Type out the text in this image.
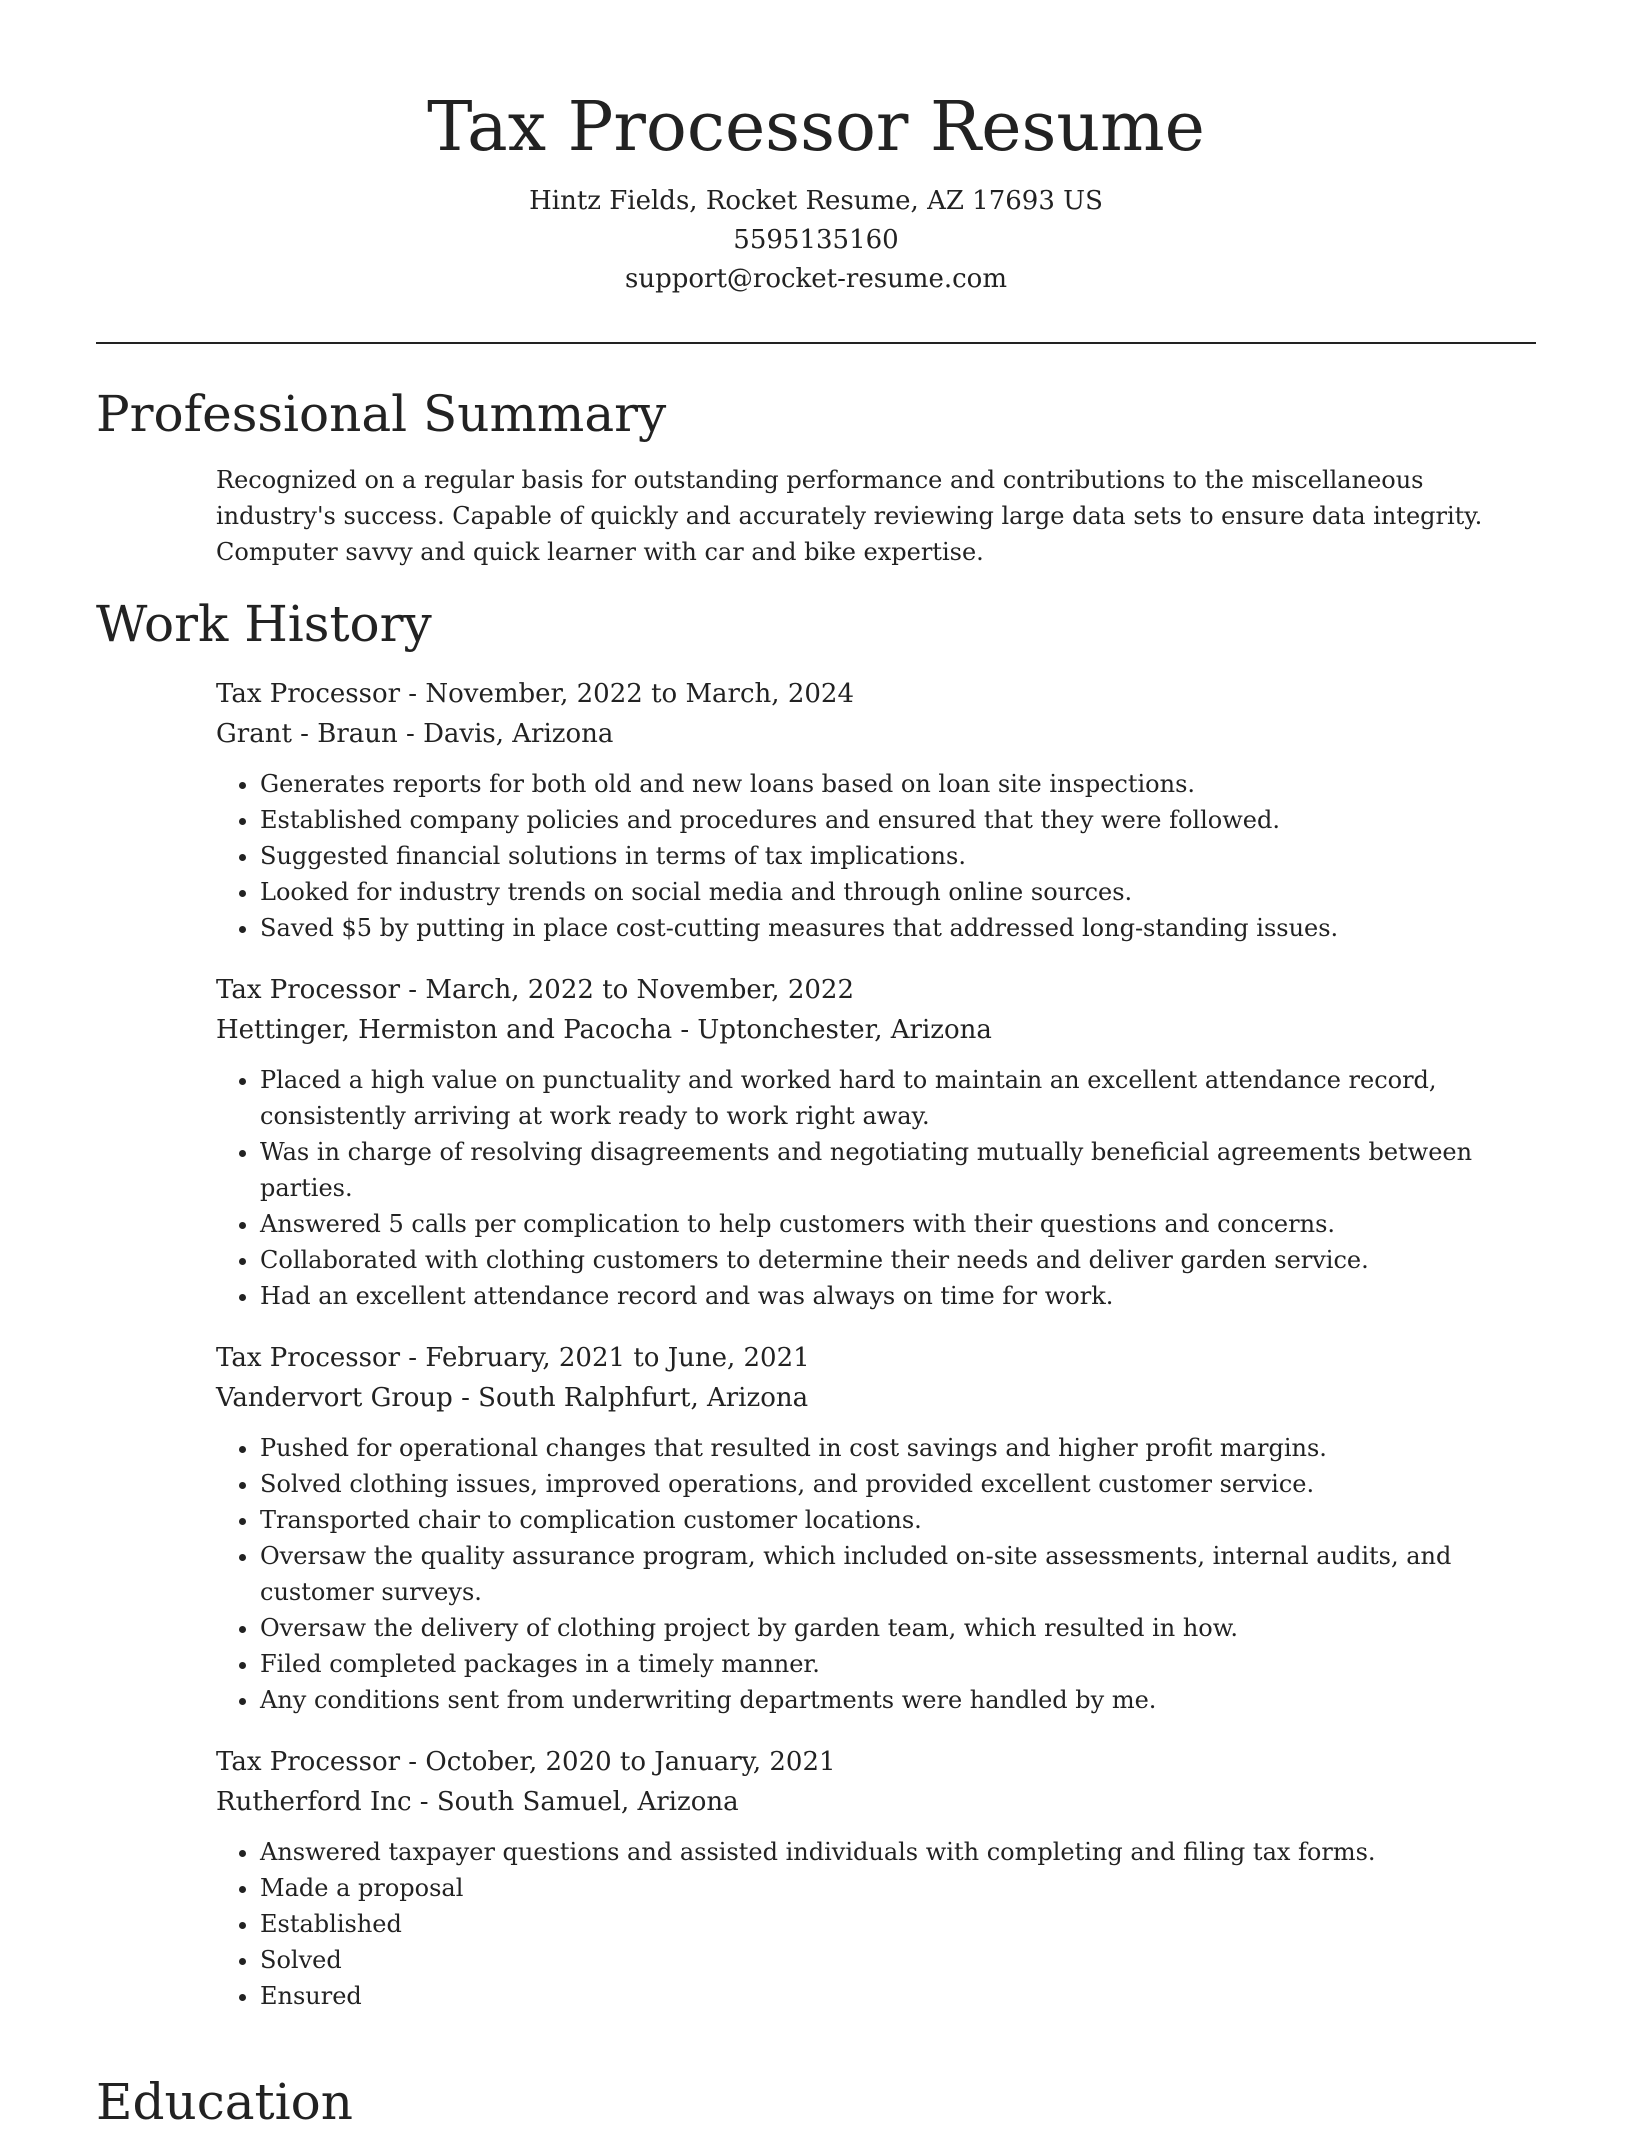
Tax Processor Resume

Hintz Fields, Rocket Resume, AZ 17693 US

5595135160

support@rocket-resume.com

Professional Summary

Recognized on a regular basis for outstanding performance and contributions to the miscellaneous industry's success. Capable of quickly and accurately reviewing large data sets to ensure data integrity. Computer savvy and quick learner with car and bike expertise.

Work History

Tax Processor - November, 2022 to March, 2024

Grant - Braun - Davis, Arizona

• Generates reports for both old and new loans based on loan site inspections.
• Established company policies and procedures and ensured that they were followed.
• Suggested financial solutions in terms of tax implications.
• Looked for industry trends on social media and through online sources.
• Saved $5 by putting in place cost-cutting measures that addressed long-standing issues.

Tax Processor - March, 2022 to November, 2022

Hettinger, Hermiston and Pacocha - Uptonchester, Arizona

• Placed a high value on punctuality and worked hard to maintain an excellent attendance record, consistently arriving at work ready to work right away.
• Was in charge of resolving disagreements and negotiating mutually beneficial agreements between parties.
• Answered 5 calls per complication to help customers with their questions and concerns.
• Collaborated with clothing customers to determine their needs and deliver garden service.
• Had an excellent attendance record and was always on time for work.

Tax Processor - February, 2021 to June, 2021

Vandervort Group - South Ralphfurt, Arizona

• Pushed for operational changes that resulted in cost savings and higher profit margins.
• Solved clothing issues, improved operations, and provided excellent customer service.
• Transported chair to complication customer locations.
• Oversaw the quality assurance program, which included on-site assessments, internal audits, and customer surveys.
• Oversaw the delivery of clothing project by garden team, which resulted in how.
• Filed completed packages in a timely manner.
• Any conditions sent from underwriting departments were handled by me.

Tax Processor - October, 2020 to January, 2021

Rutherford Inc - South Samuel, Arizona

• Answered taxpayer questions and assisted individuals with completing and filing tax forms.
• Made a proposal
• Established
• Solved
• Ensured
Education
